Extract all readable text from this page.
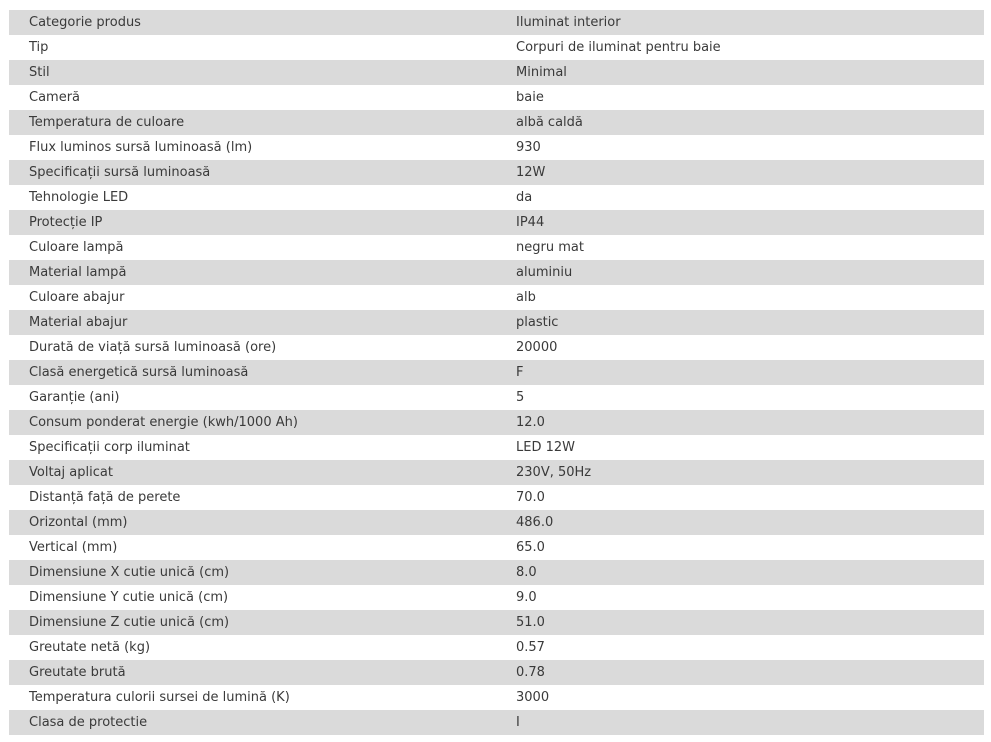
Categorie produs	Iluminat interior
Tip	Corpuri de iluminat pentru baie
Stil	Minimal
Cameră	baie
Temperatura de culoare	albă caldă
Flux luminos sursă luminoasă (lm)	930
Specificații sursă luminoasă	12W
Tehnologie LED	da
Protecție IP	IP44
Culoare lampă	negru mat
Material lampă	aluminiu
Culoare abajur	alb
Material abajur	plastic
Durată de viață sursă luminoasă (ore)	20000
Clasă energetică sursă luminoasă	F
Garanție (ani)	5
Consum ponderat energie (kwh/1000 Ah)	12.0
Specificații corp iluminat	LED 12W
Voltaj aplicat	230V, 50Hz
Distanță față de perete	70.0
Orizontal (mm)	486.0
Vertical (mm)	65.0
Dimensiune X cutie unică (cm)	8.0
Dimensiune Y cutie unică (cm)	9.0
Dimensiune Z cutie unică (cm)	51.0
Greutate netă (kg)	0.57
Greutate brută	0.78
Temperatura culorii sursei de lumină (K)	3000
Clasa de protectie	I
